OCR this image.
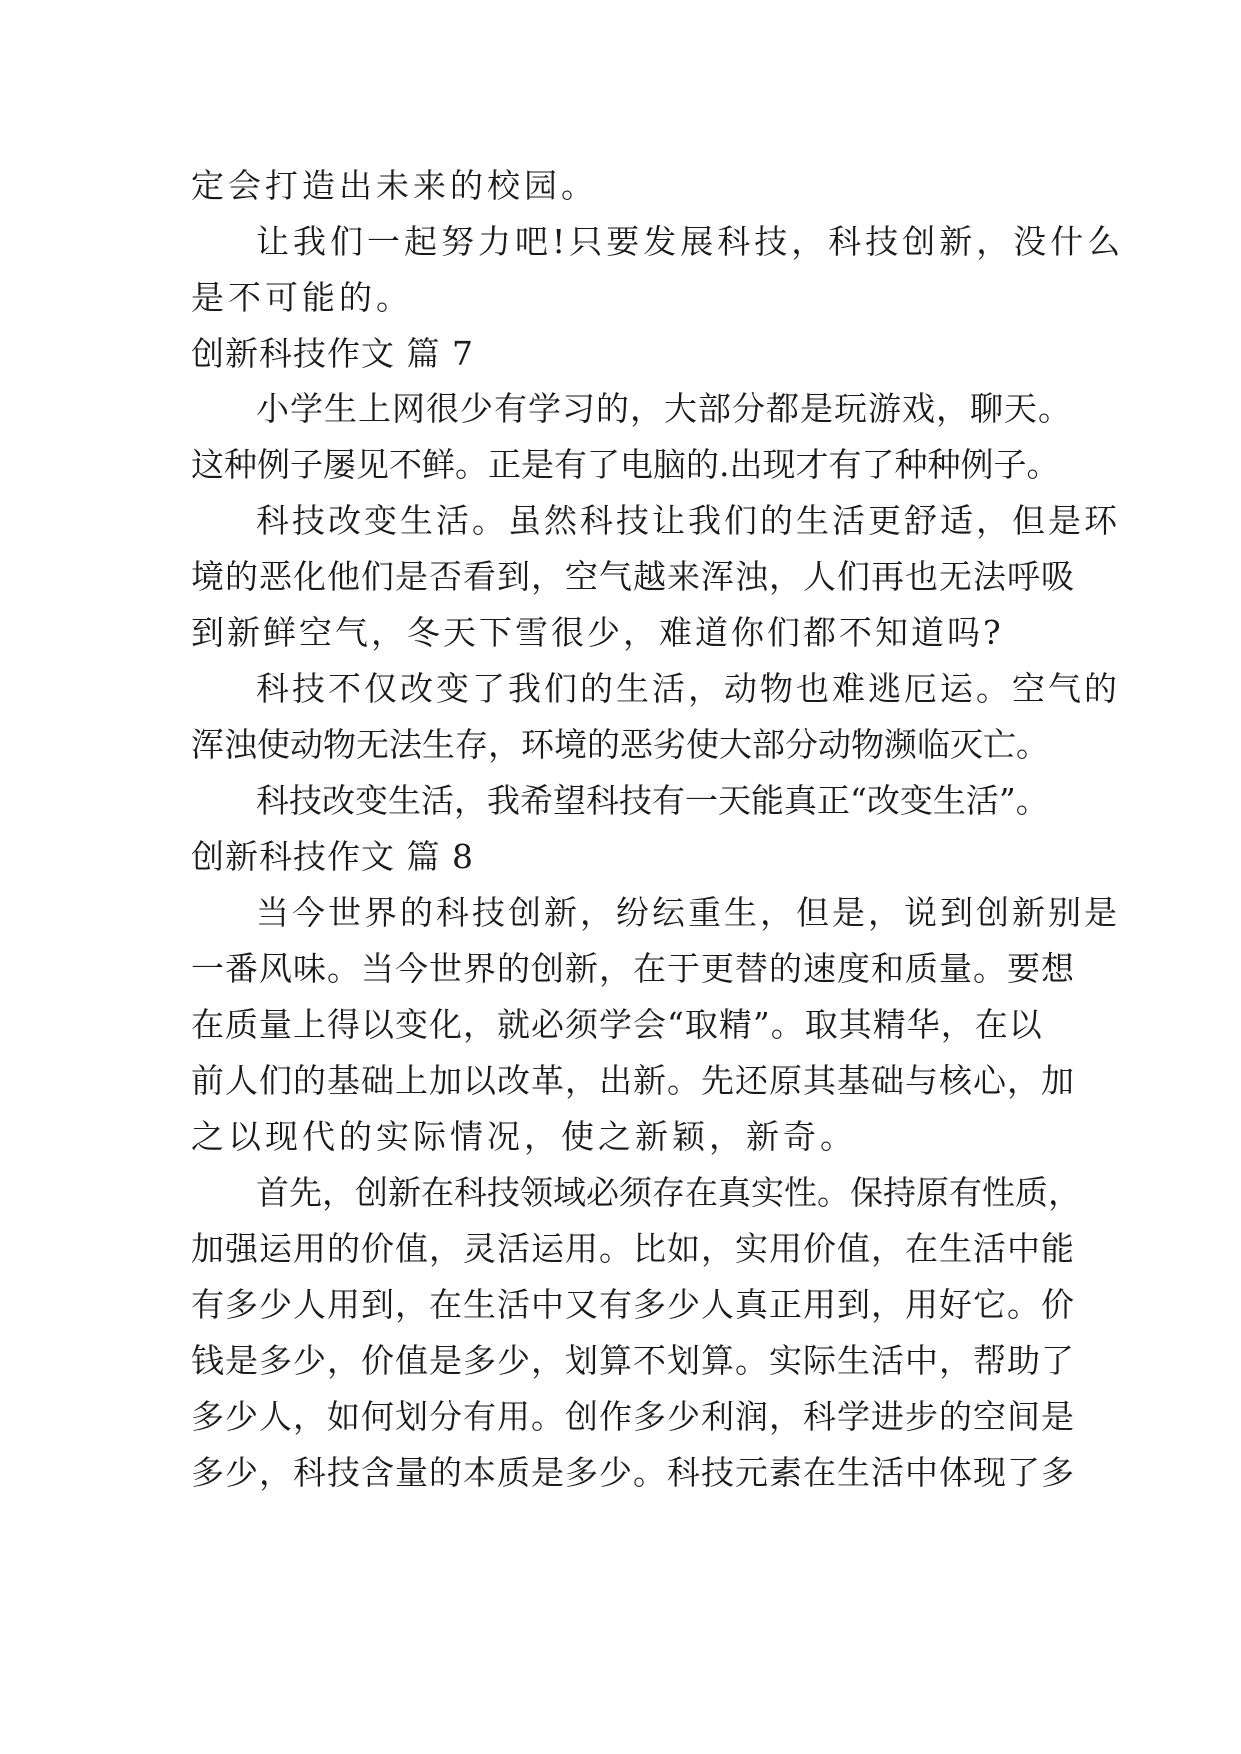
定会打造出未来的校园。
让我们一起努力吧!只要发展科技，科技创新，没什么
是不可能的。
创新科技作文 篇 7
小学生上网很少有学习的，大部分都是玩游戏，聊天。
这种例子屡见不鲜。正是有了电脑的.出现才有了种种例子。
科技改变生活。虽然科技让我们的生活更舒适，但是环
境的恶化他们是否看到，空气越来浑浊，人们再也无法呼吸
到新鲜空气，冬天下雪很少，难道你们都不知道吗?
科技不仅改变了我们的生活，动物也难逃厄运。空气的
浑浊使动物无法生存，环境的恶劣使大部分动物濒临灭亡。
科技改变生活，我希望科技有一天能真正“改变生活”。
创新科技作文 篇 8
当今世界的科技创新，纷纭重生，但是，说到创新别是
一番风味。当今世界的创新，在于更替的速度和质量。要想
在质量上得以变化，就必须学会“取精”。取其精华，在以
前人们的基础上加以改革，出新。先还原其基础与核心，加
之以现代的实际情况，使之新颖，新奇。
首先，创新在科技领域必须存在真实性。保持原有性质，
加强运用的价值，灵活运用。比如，实用价值，在生活中能
有多少人用到，在生活中又有多少人真正用到，用好它。价
钱是多少，价值是多少，划算不划算。实际生活中，帮助了
多少人，如何划分有用。创作多少利润，科学进步的空间是
多少，科技含量的本质是多少。科技元素在生活中体现了多
